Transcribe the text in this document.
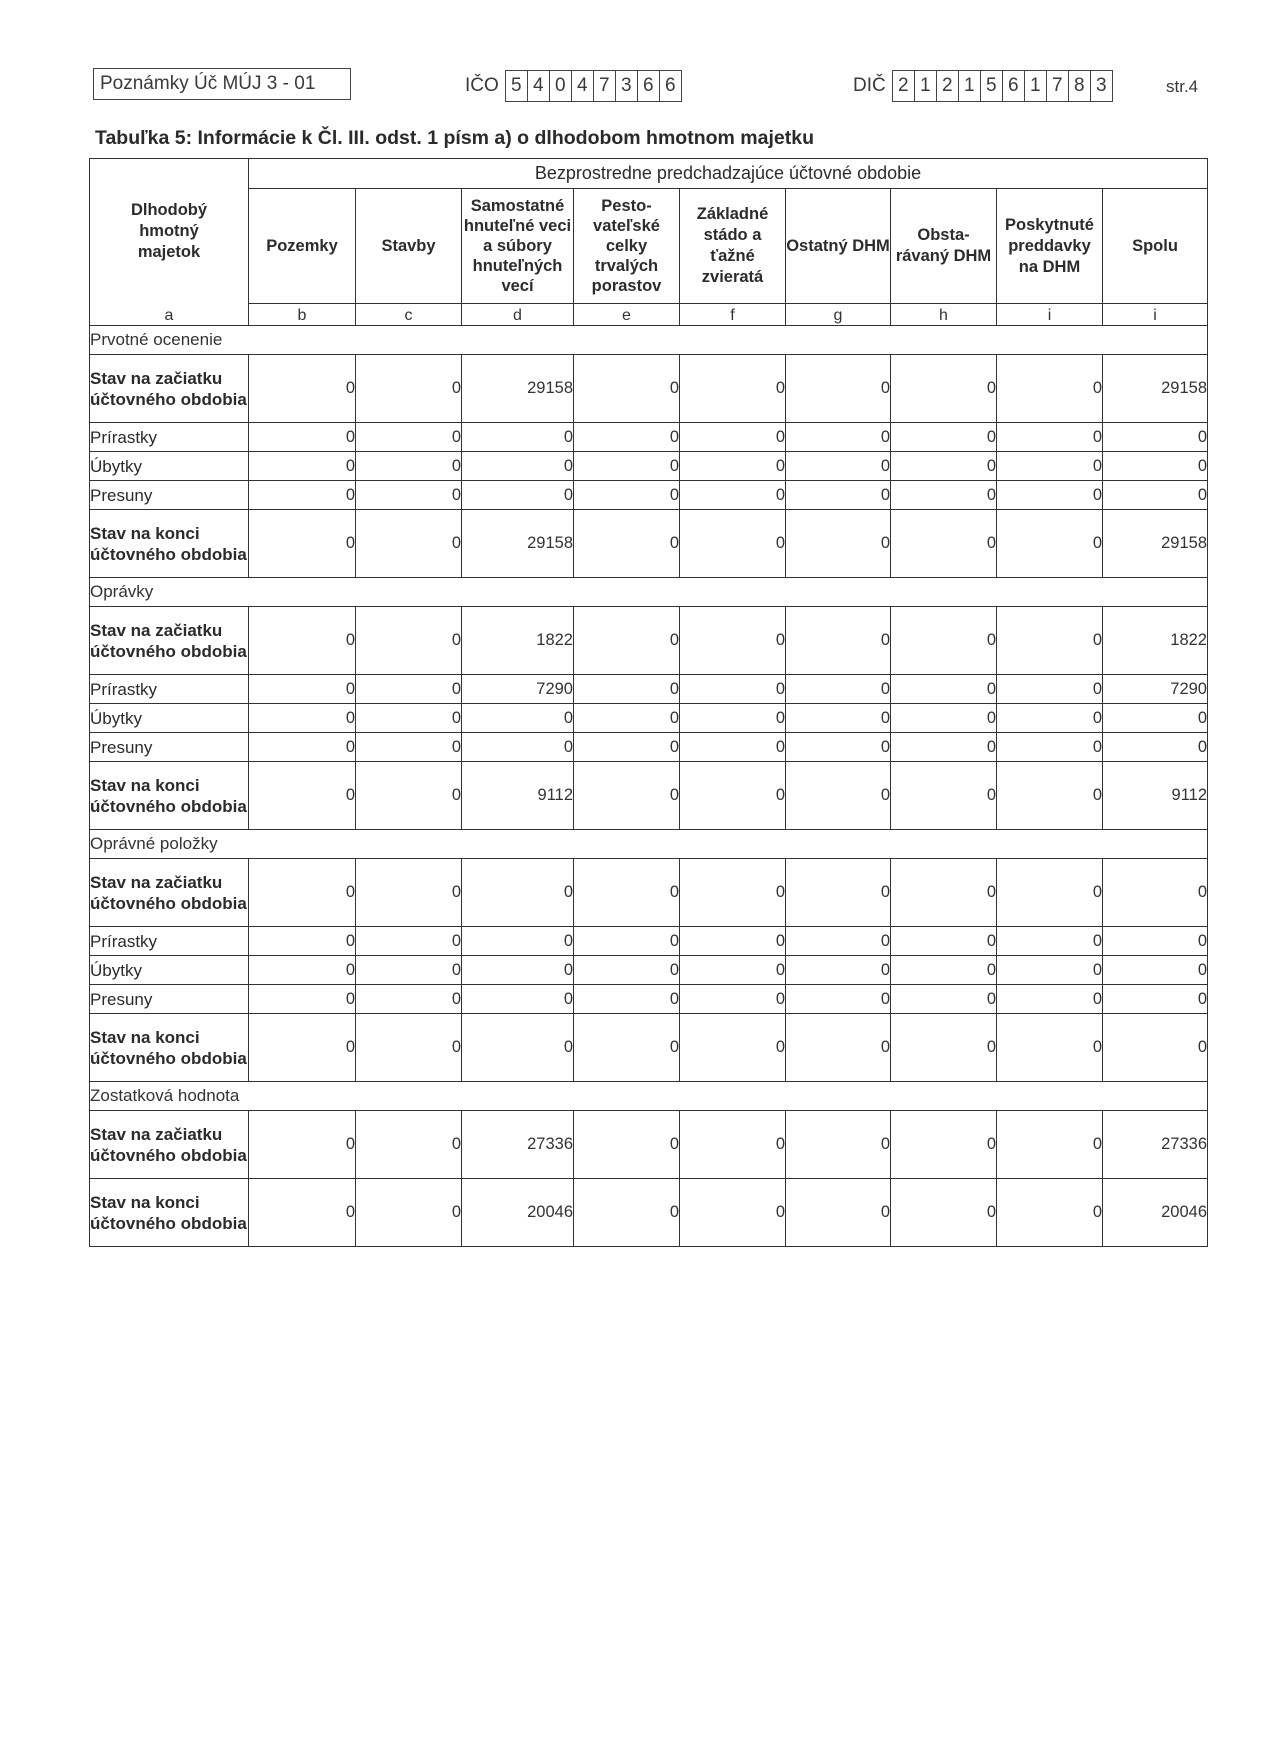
Poznámky Úč MÚJ 3 - 01	IČO 5 4 0 4 7 3 6 6	DIČ 2 1 2 1 5 6 1 7 8 3	str.4
Tabuľka 5: Informácie k Čl. III. odst. 1 písm a) o dlhodobom hmotnom majetku
Dlhodobý hmotný majetok	Bezprostredne predchadzajúce účtovné obdobie								
	Pozemky	Stavby	Samostatné hnuteľné veci a súbory hnuteľných vecí	Pesto-vateľské celky trvalých porastov	Základné stádo a ťažné zvieratá	Ostatný DHM	Obsta-rávaný DHM	Poskytnuté preddavky na DHM	Spolu
a	b	c	d	e	f	g	h	i	i
Prvotné ocenenie									
Stav na začiatku účtovného obdobia	0	0	29158	0	0	0	0	0	29158
Prírastky	0	0	0	0	0	0	0	0	0
Úbytky	0	0	0	0	0	0	0	0	0
Presuny	0	0	0	0	0	0	0	0	0
Stav na konci účtovného obdobia	0	0	29158	0	0	0	0	0	29158
Oprávky									
Stav na začiatku účtovného obdobia	0	0	1822	0	0	0	0	0	1822
Prírastky	0	0	7290	0	0	0	0	0	7290
Úbytky	0	0	0	0	0	0	0	0	0
Presuny	0	0	0	0	0	0	0	0	0
Stav na konci účtovného obdobia	0	0	9112	0	0	0	0	0	9112
Oprávné položky									
Stav na začiatku účtovného obdobia	0	0	0	0	0	0	0	0	0
Prírastky	0	0	0	0	0	0	0	0	0
Úbytky	0	0	0	0	0	0	0	0	0
Presuny	0	0	0	0	0	0	0	0	0
Stav na konci účtovného obdobia	0	0	0	0	0	0	0	0	0
Zostatková hodnota									
Stav na začiatku účtovného obdobia	0	0	27336	0	0	0	0	0	27336
Stav na konci účtovného obdobia	0	0	20046	0	0	0	0	0	20046
